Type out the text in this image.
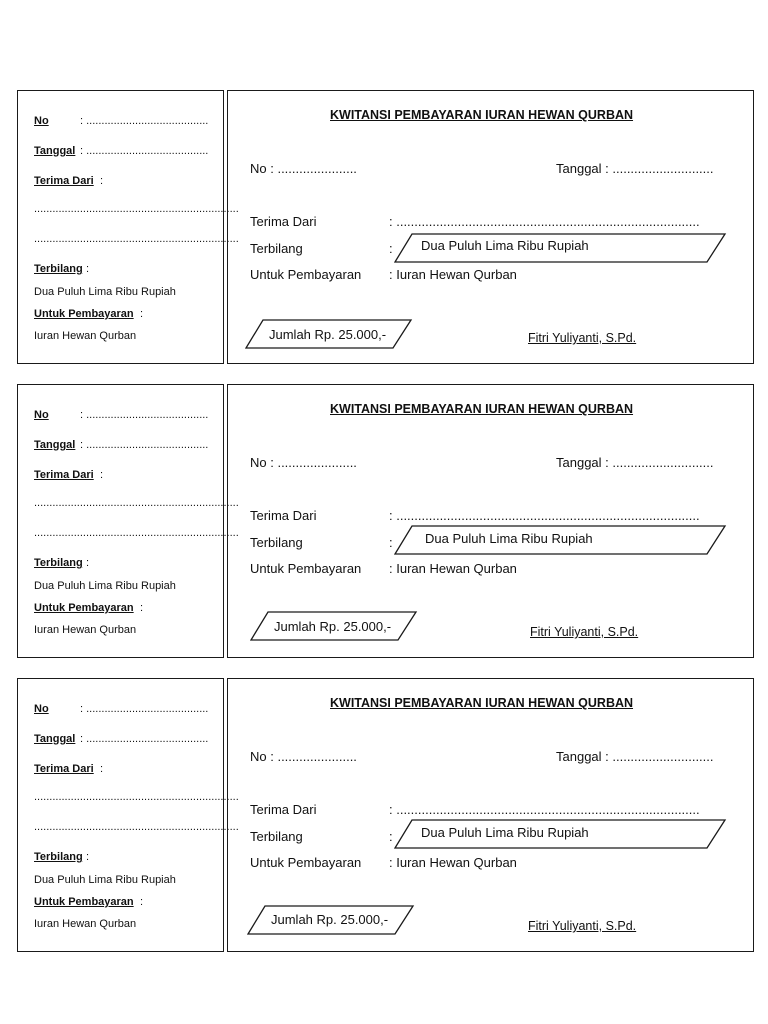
No	: ........................................
Tanggal : ........................................
Terima Dari :
...................................................................
...................................................................
Terbilang :
Dua Puluh Lima Ribu Rupiah
Untuk Pembayaran :
Iuran Hewan Qurban
KWITANSI PEMBAYARAN IURAN HEWAN QURBAN
No : ......................	Tanggal : ............................
Terima Dari	: ....................................................................................
Terbilang	: Dua Puluh Lima Ribu Rupiah
Untuk Pembayaran : Iuran Hewan Qurban
Jumlah Rp. 25.000,-	Fitri Yuliyanti, S.Pd.
No	: ........................................
Tanggal : ........................................
Terima Dari :
...................................................................
...................................................................
Terbilang :
Dua Puluh Lima Ribu Rupiah
Untuk Pembayaran :
Iuran Hewan Qurban
KWITANSI PEMBAYARAN IURAN HEWAN QURBAN
No : ......................	Tanggal : ............................
Terima Dari	: ....................................................................................
Terbilang	: Dua Puluh Lima Ribu Rupiah
Untuk Pembayaran : Iuran Hewan Qurban
Jumlah Rp. 25.000,-	Fitri Yuliyanti, S.Pd.
No	: ........................................
Tanggal : ........................................
Terima Dari :
...................................................................
...................................................................
Terbilang :
Dua Puluh Lima Ribu Rupiah
Untuk Pembayaran :
Iuran Hewan Qurban
KWITANSI PEMBAYARAN IURAN HEWAN QURBAN
No : ......................	Tanggal : ............................
Terima Dari	: ....................................................................................
Terbilang	: Dua Puluh Lima Ribu Rupiah
Untuk Pembayaran : Iuran Hewan Qurban
Jumlah Rp. 25.000,-	Fitri Yuliyanti, S.Pd.
